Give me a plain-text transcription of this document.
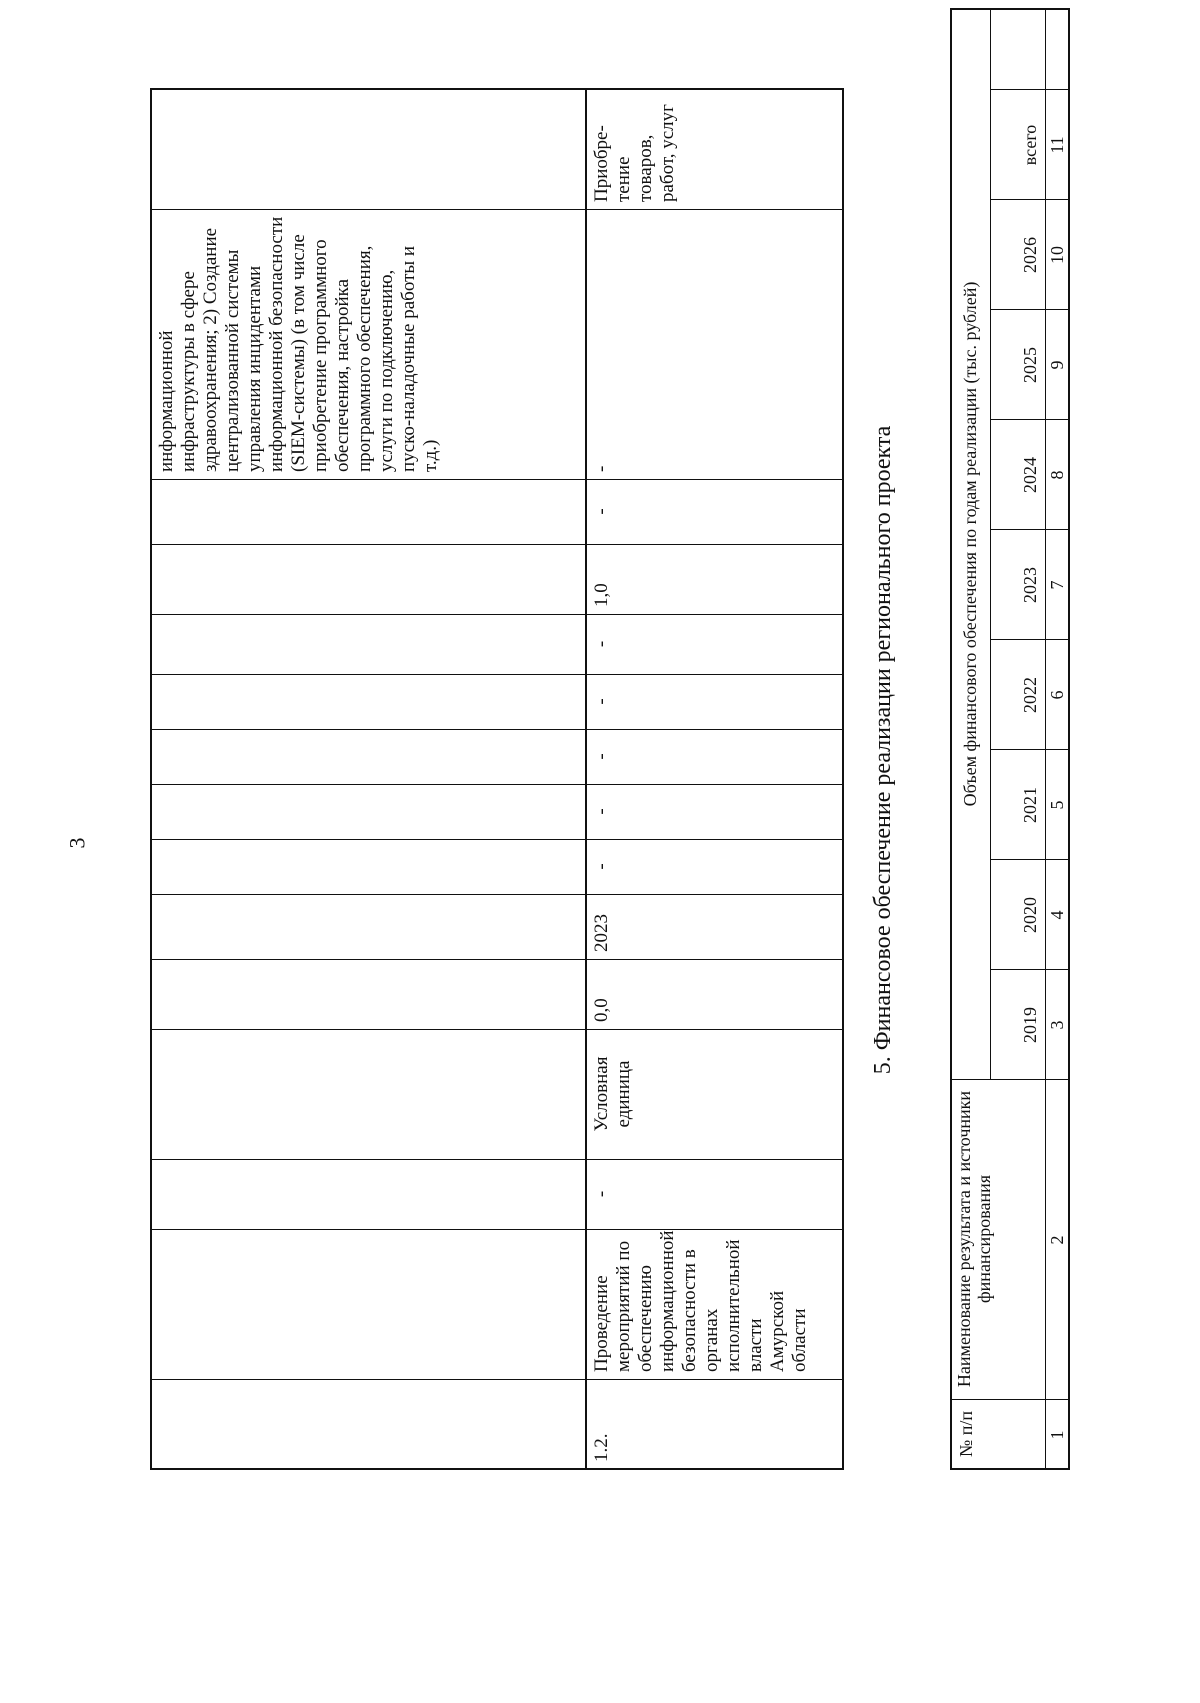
3
информационной инфраструктуры в сфере здравоохранения; 2) Создание централизованной системы управления инцидентами информационной безопасности (SIEM-системы) (в том числе приобретение программного обеспечения, настройка программного обеспечения, услуги по подключению, пуско-наладочные работы и т.д.)
Приобре-тение товаров, работ, услуг
1.2.
Проведение мероприятий по обеспечению информационной безопасности в органах исполнительной власти Амурской области
-
Условная единица
0,0
2023
-
-
-
-
-
1,0
-
-	5. Финансовое обеспечение реализации регионального проекта
№ п/п
Наименование результата и источники финансирования
Объем финансового обеспечения по годам реализации (тыс. рублей)
2019
2020
2021
2022
2023
2024
2025
2026
всего
1
2
3
4
5
6
7
8
9
10
11
